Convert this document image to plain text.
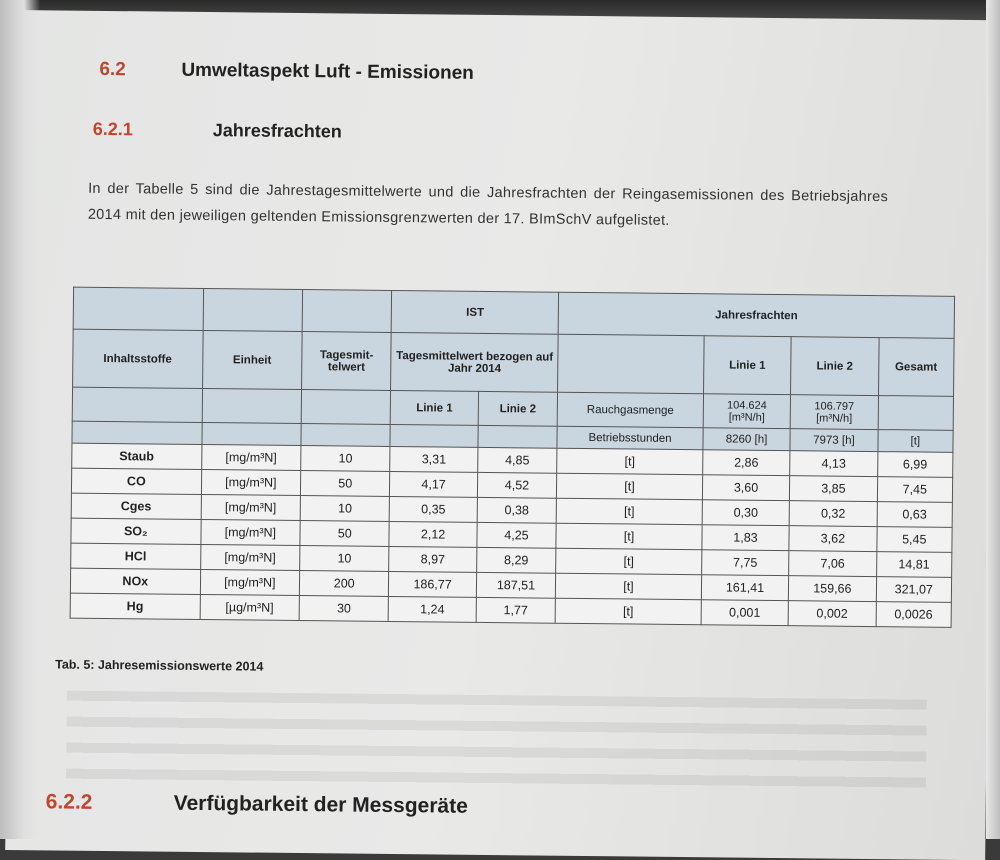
6.2	Umweltaspekt Luft - Emissionen
6.2.1	Jahresfrachten
In der Tabelle 5 sind die Jahrestagesmittelwerte und die Jahresfrachten der Reingasemissionen des Betriebsjahres 2014 mit den jeweiligen geltenden Emissionsgrenzwerten der 17. BImSchV aufgelistet.
			IST		Jahresfrachten			
Inhaltsstoffe	Einheit	Tagesmit-telwert	Tagesmittelwert bezogen auf Jahr 2014			Linie 1	Linie 2	Gesamt
			Linie 1	Linie 2	Rauchgasmenge	104.624 [m³N/h]	106.797 [m³N/h]	
					Betriebsstunden	8260 [h]	7973 [h]	[t]
Staub	[mg/m³N]	10	3,31	4,85	[t]	2,86	4,13	6,99
CO	[mg/m³N]	50	4,17	4,52	[t]	3,60	3,85	7,45
Cges	[mg/m³N]	10	0,35	0,38	[t]	0,30	0,32	0,63
SO₂	[mg/m³N]	50	2,12	4,25	[t]	1,83	3,62	5,45
HCl	[mg/m³N]	10	8,97	8,29	[t]	7,75	7,06	14,81
NOx	[mg/m³N]	200	186,77	187,51	[t]	161,41	159,66	321,07
Hg	[µg/m³N]	30	1,24	1,77	[t]	0,001	0,002	0,0026
Tab. 5: Jahresemissionswerte 2014
6.2.2	Verfügbarkeit der Messgeräte
